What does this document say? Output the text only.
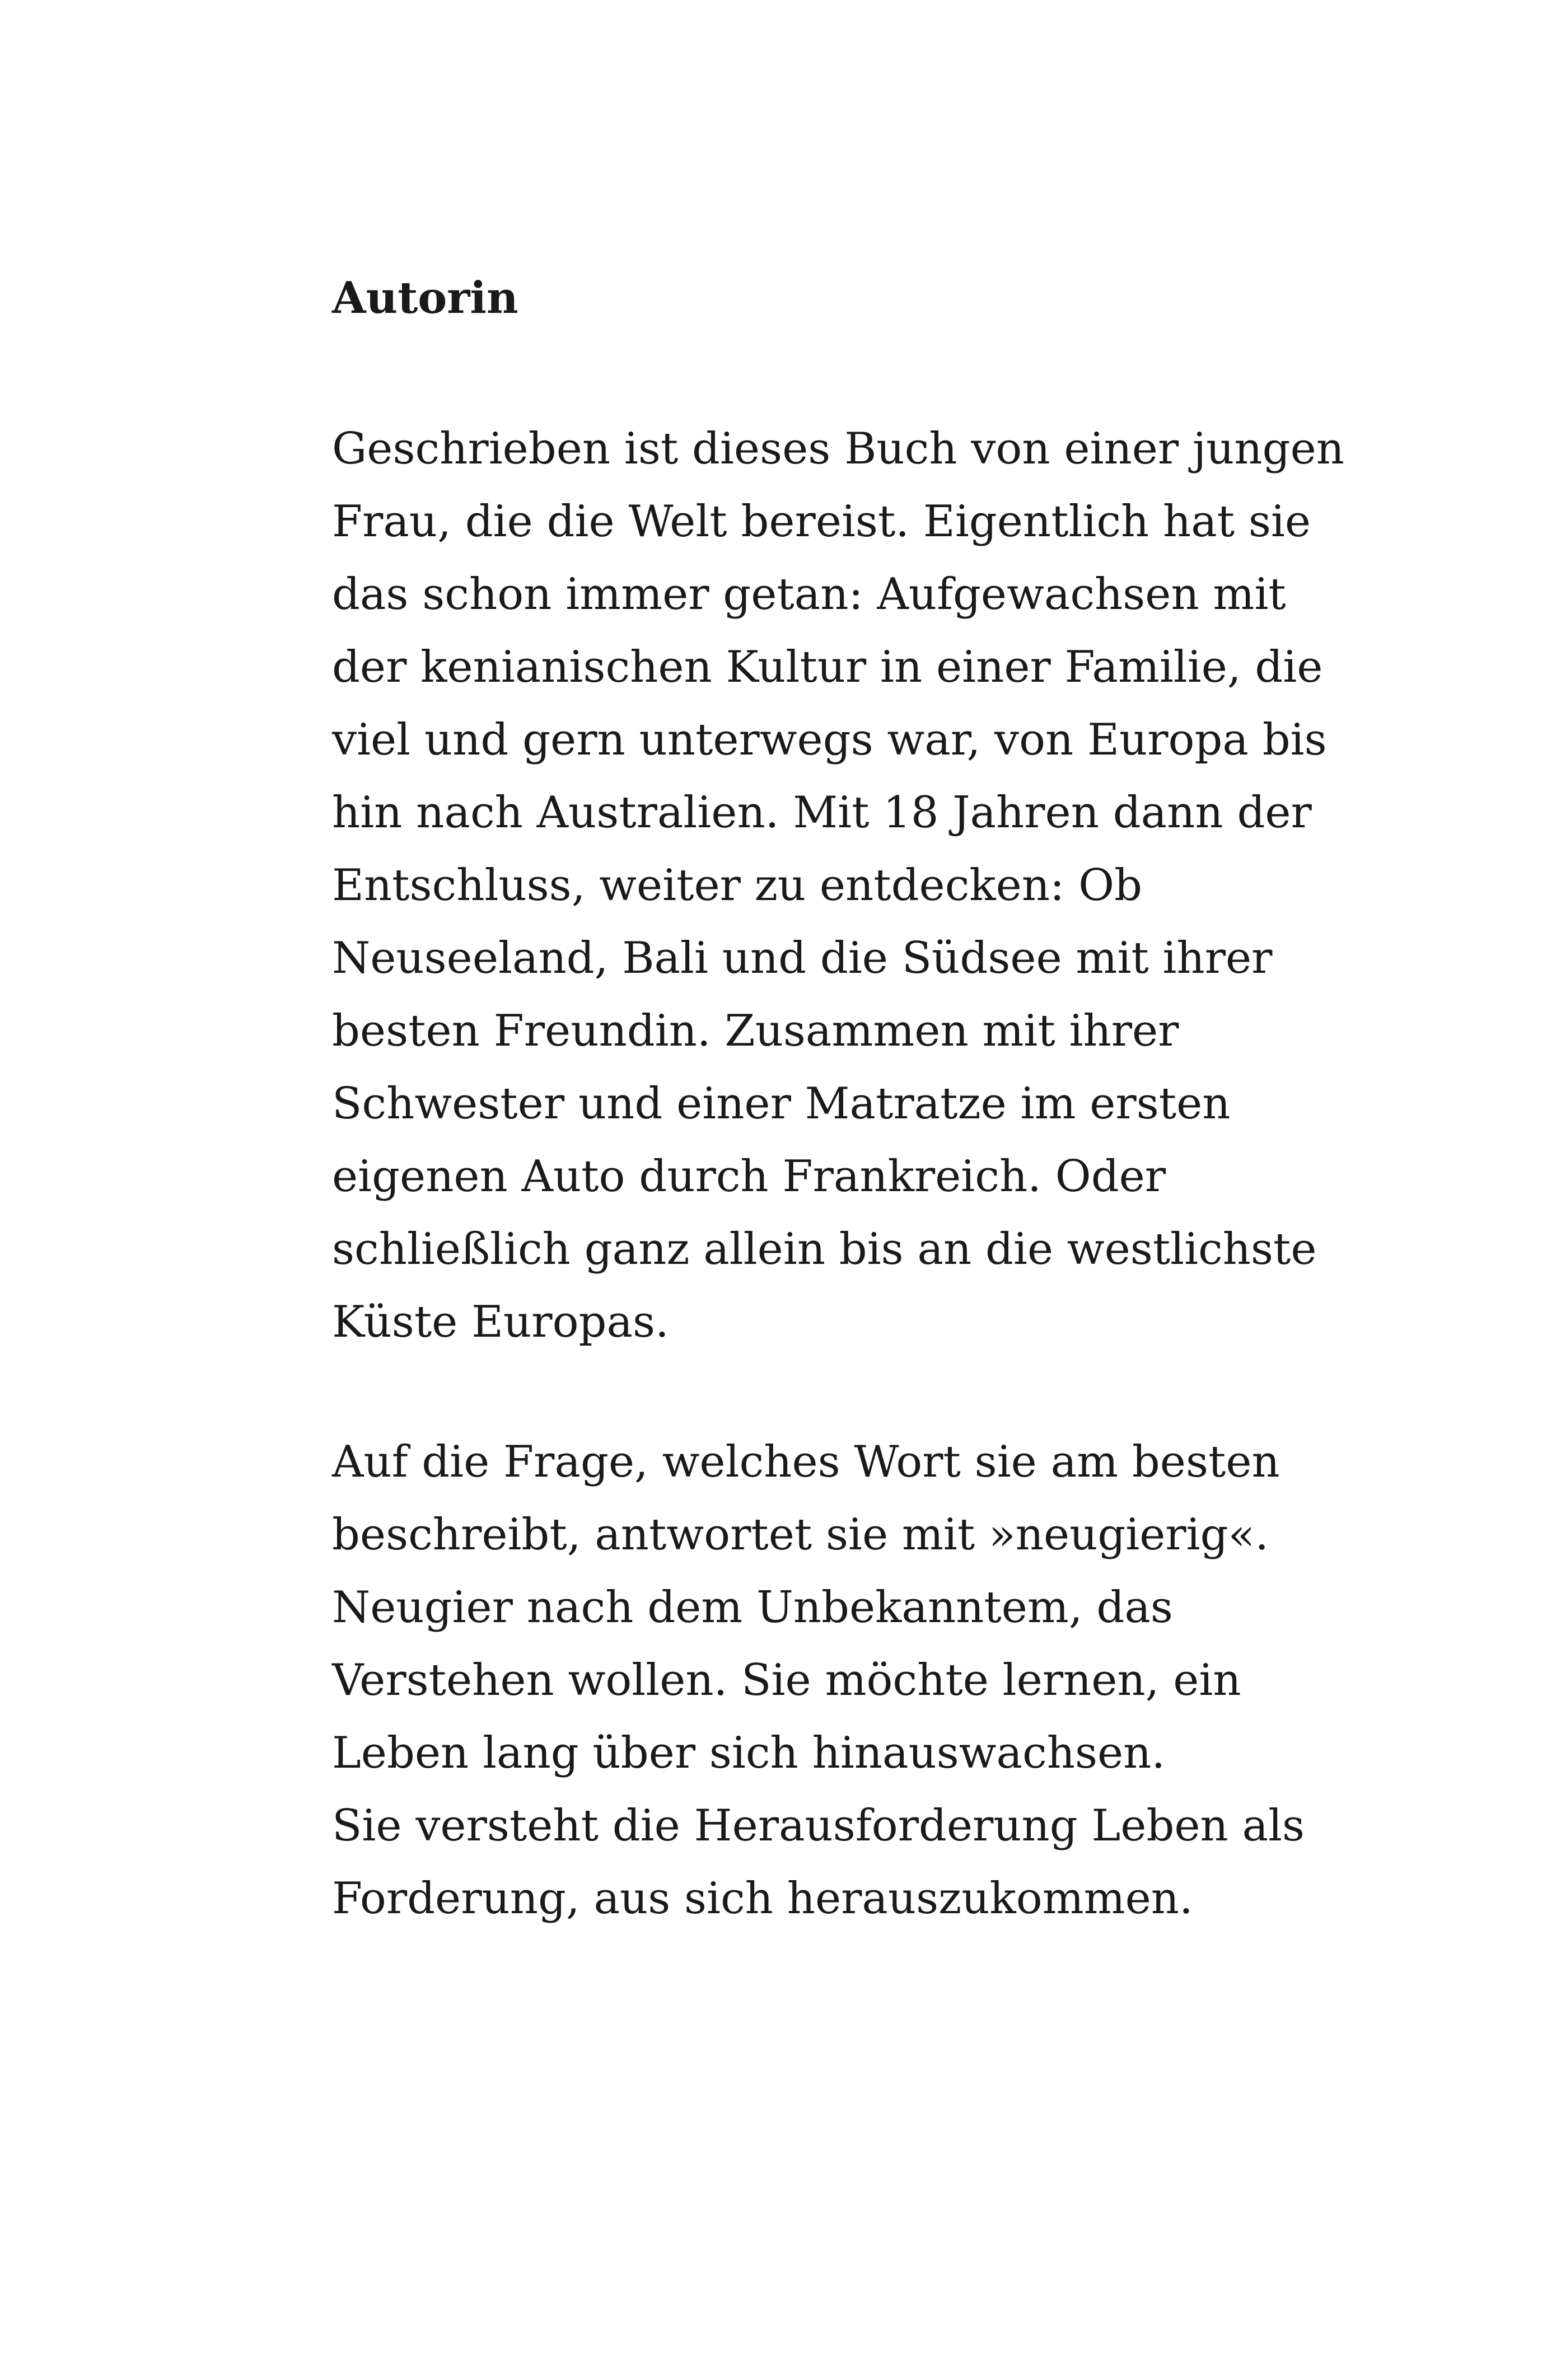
Autorin

Geschrieben ist dieses Buch von einer jungen
Frau, die die Welt bereist. Eigentlich hat sie
das schon immer getan: Aufgewachsen mit
der kenianischen Kultur in einer Familie, die
viel und gern unterwegs war, von Europa bis
hin nach Australien. Mit 18 Jahren dann der
Entschluss, weiter zu entdecken: Ob
Neuseeland, Bali und die Südsee mit ihrer
besten Freundin. Zusammen mit ihrer
Schwester und einer Matratze im ersten
eigenen Auto durch Frankreich. Oder
schließlich ganz allein bis an die westlichste
Küste Europas.

Auf die Frage, welches Wort sie am besten
beschreibt, antwortet sie mit »neugierig«.
Neugier nach dem Unbekanntem, das
Verstehen wollen. Sie möchte lernen, ein
Leben lang über sich hinauswachsen.
Sie versteht die Herausforderung Leben als
Forderung, aus sich herauszukommen.
